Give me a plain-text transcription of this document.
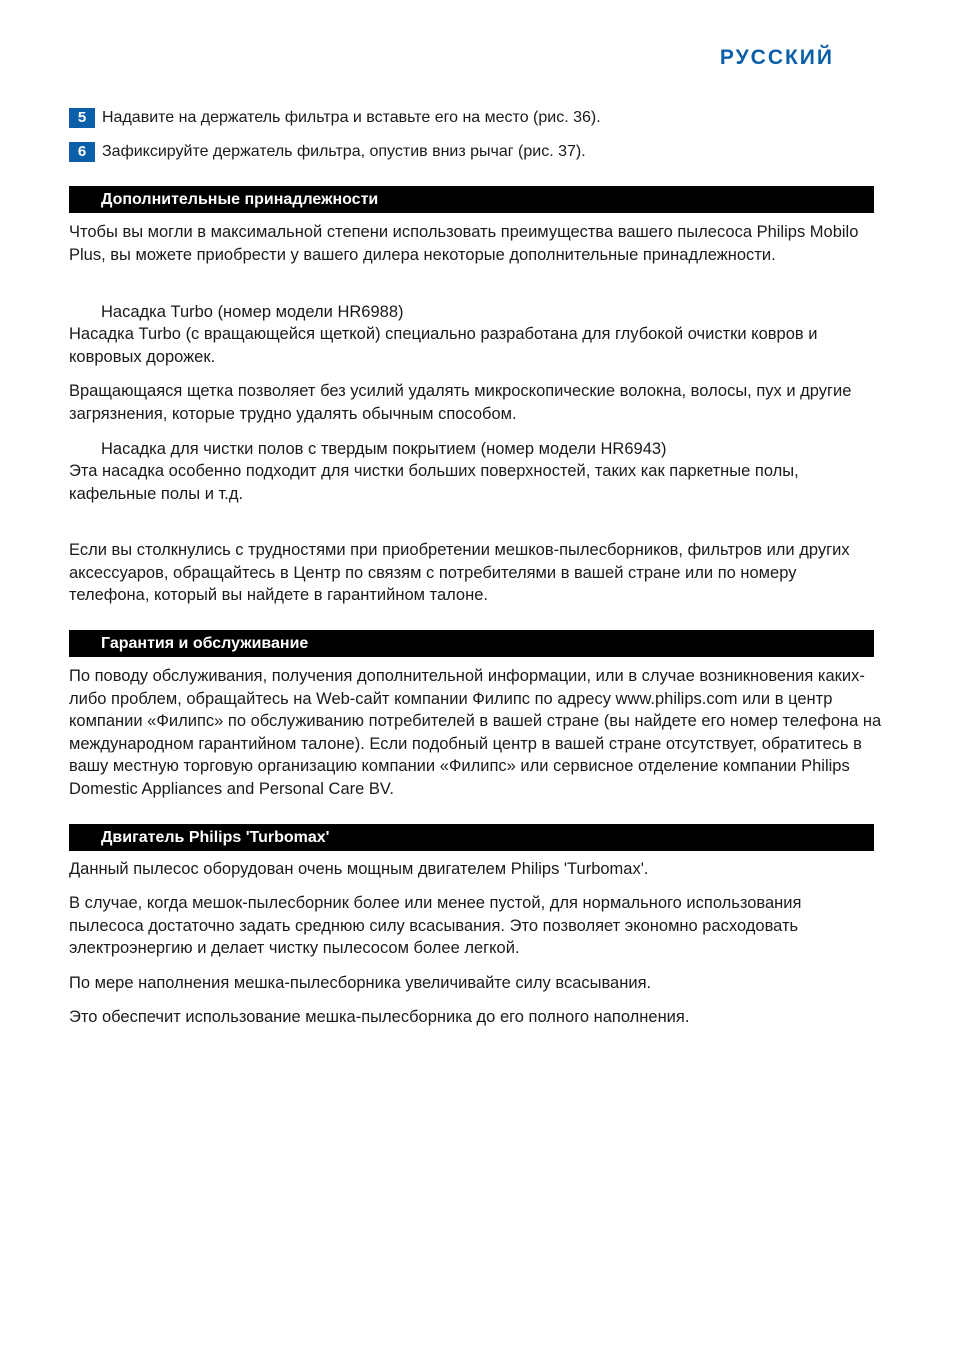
РУССКИЙ
5 Надавите на держатель фильтра и вставьте его на место (рис. 36).
6 Зафиксируйте держатель фильтра, опустив вниз рычаг (рис. 37).
Дополнительные принадлежности
Чтобы вы могли в максимальной степени использовать преимущества вашего пылесоса Philips Mobilo Plus, вы можете приобрести у вашего дилера некоторые дополнительные принадлежности.
Насадка Turbo (номер модели HR6988)
Насадка Turbo (с вращающейся щеткой) специально разработана для глубокой очистки ковров и ковровых дорожек.
Вращающаяся щетка позволяет без усилий удалять микроскопические волокна, волосы, пух и другие загрязнения, которые трудно удалять обычным способом.
Насадка для чистки полов с твердым покрытием (номер модели HR6943)
Эта насадка особенно подходит для чистки больших поверхностей, таких как паркетные полы, кафельные полы и т.д.
Если вы столкнулись с трудностями при приобретении мешков-пылесборников, фильтров или других аксессуаров, обращайтесь в Центр по связям с потребителями в вашей стране или по номеру телефона, который вы найдете в гарантийном талоне.
Гарантия и обслуживание
По поводу обслуживания, получения дополнительной информации, или в случае возникновения каких-либо проблем, обращайтесь на Web-сайт компании Филипс по адресу www.philips.com или в центр компании «Филипс» по обслуживанию потребителей в вашей стране (вы найдете его номер телефона на международном гарантийном талоне). Если подобный центр в вашей стране отсутствует, обратитесь в вашу местную торговую организацию компании «Филипс» или сервисное отделение компании Philips Domestic Appliances and Personal Care BV.
Двигатель Philips 'Turbomax'
Данный пылесос оборудован очень мощным двигателем Philips 'Turbomax'.
В случае, когда мешок-пылесборник более или менее пустой, для нормального использования пылесоса достаточно задать среднюю силу всасывания. Это позволяет экономно расходовать электроэнергию и делает чистку пылесосом более легкой.
По мере наполнения мешка-пылесборника увеличивайте силу всасывания.
Это обеспечит использование мешка-пылесборника до его полного наполнения.
